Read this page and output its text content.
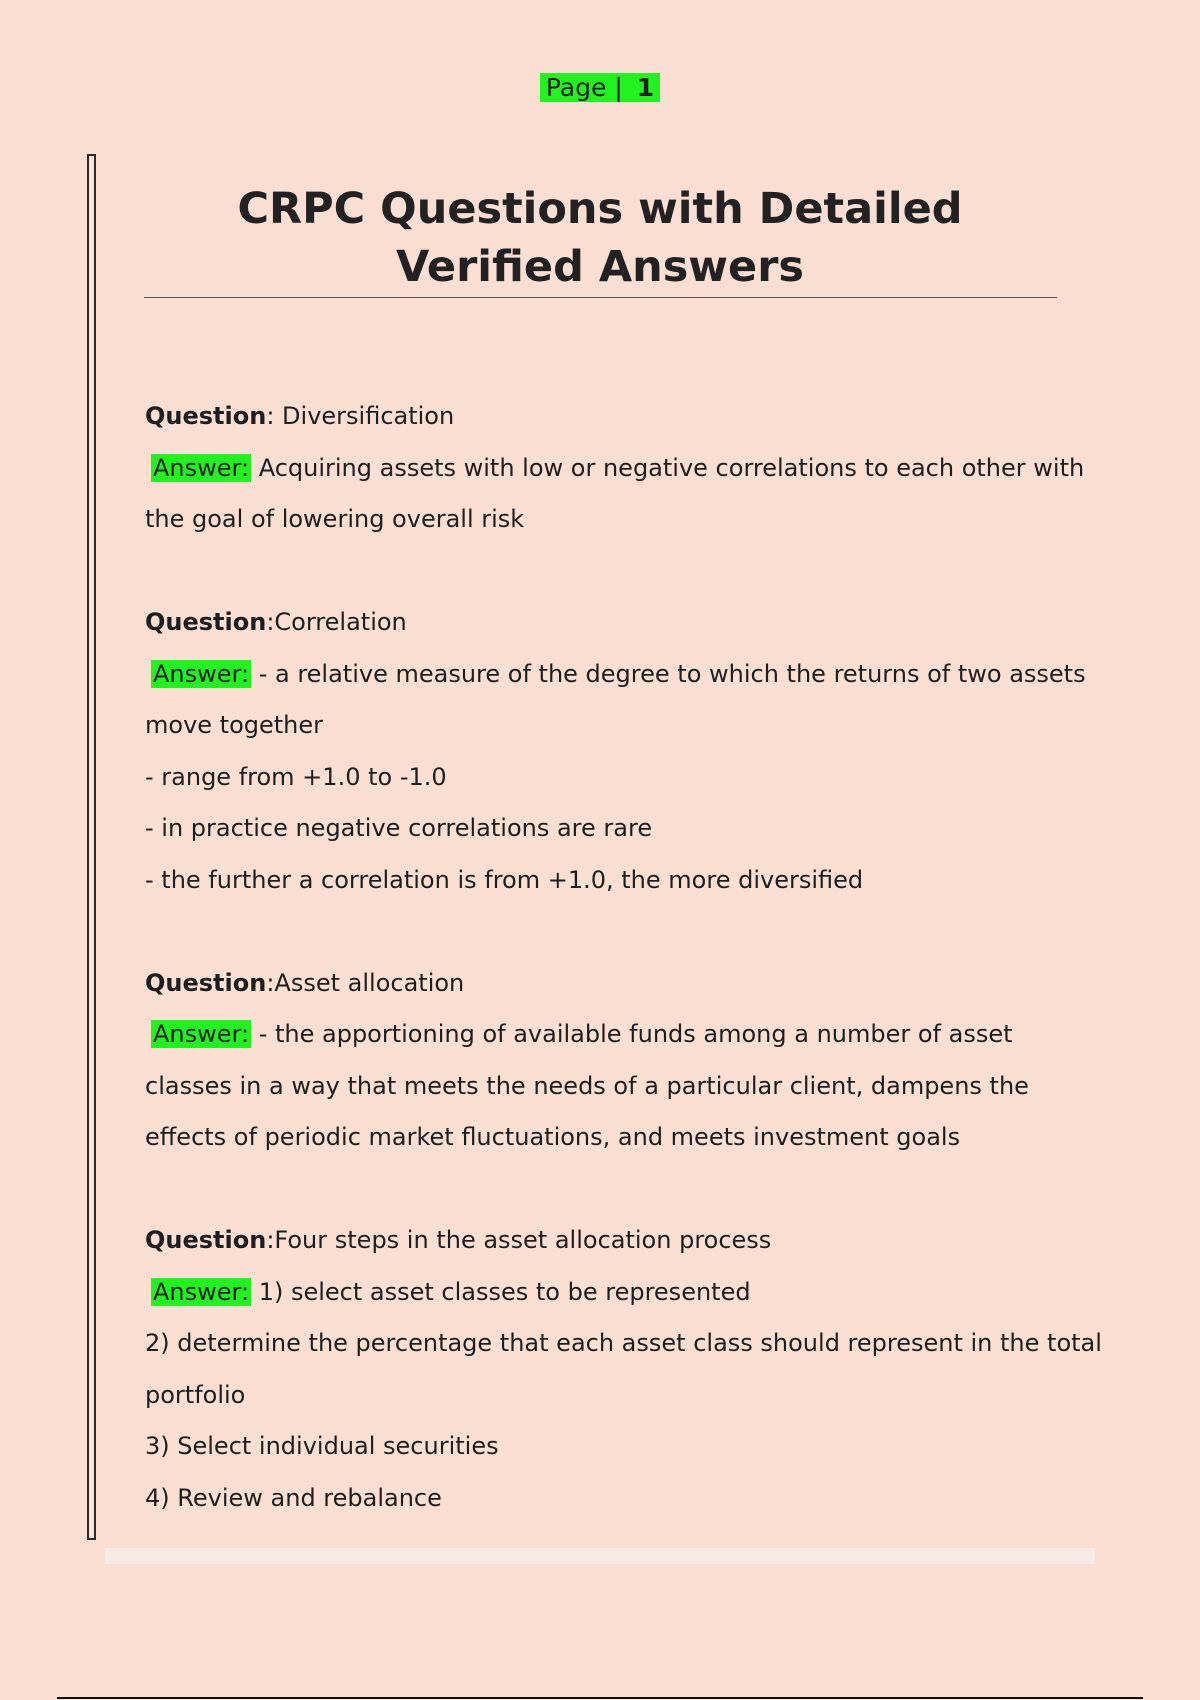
Page | 1
CRPC Questions with Detailed Verified Answers
Question: Diversification
Answer: Acquiring assets with low or negative correlations to each other with
the goal of lowering overall risk
Question:Correlation
Answer: - a relative measure of the degree to which the returns of two assets
move together
- range from +1.0 to -1.0
- in practice negative correlations are rare
- the further a correlation is from +1.0, the more diversified
Question:Asset allocation
Answer: - the apportioning of available funds among a number of asset
classes in a way that meets the needs of a particular client, dampens the
effects of periodic market fluctuations, and meets investment goals
Question:Four steps in the asset allocation process
Answer: 1) select asset classes to be represented
2) determine the percentage that each asset class should represent in the total
portfolio
3) Select individual securities
4) Review and rebalance
